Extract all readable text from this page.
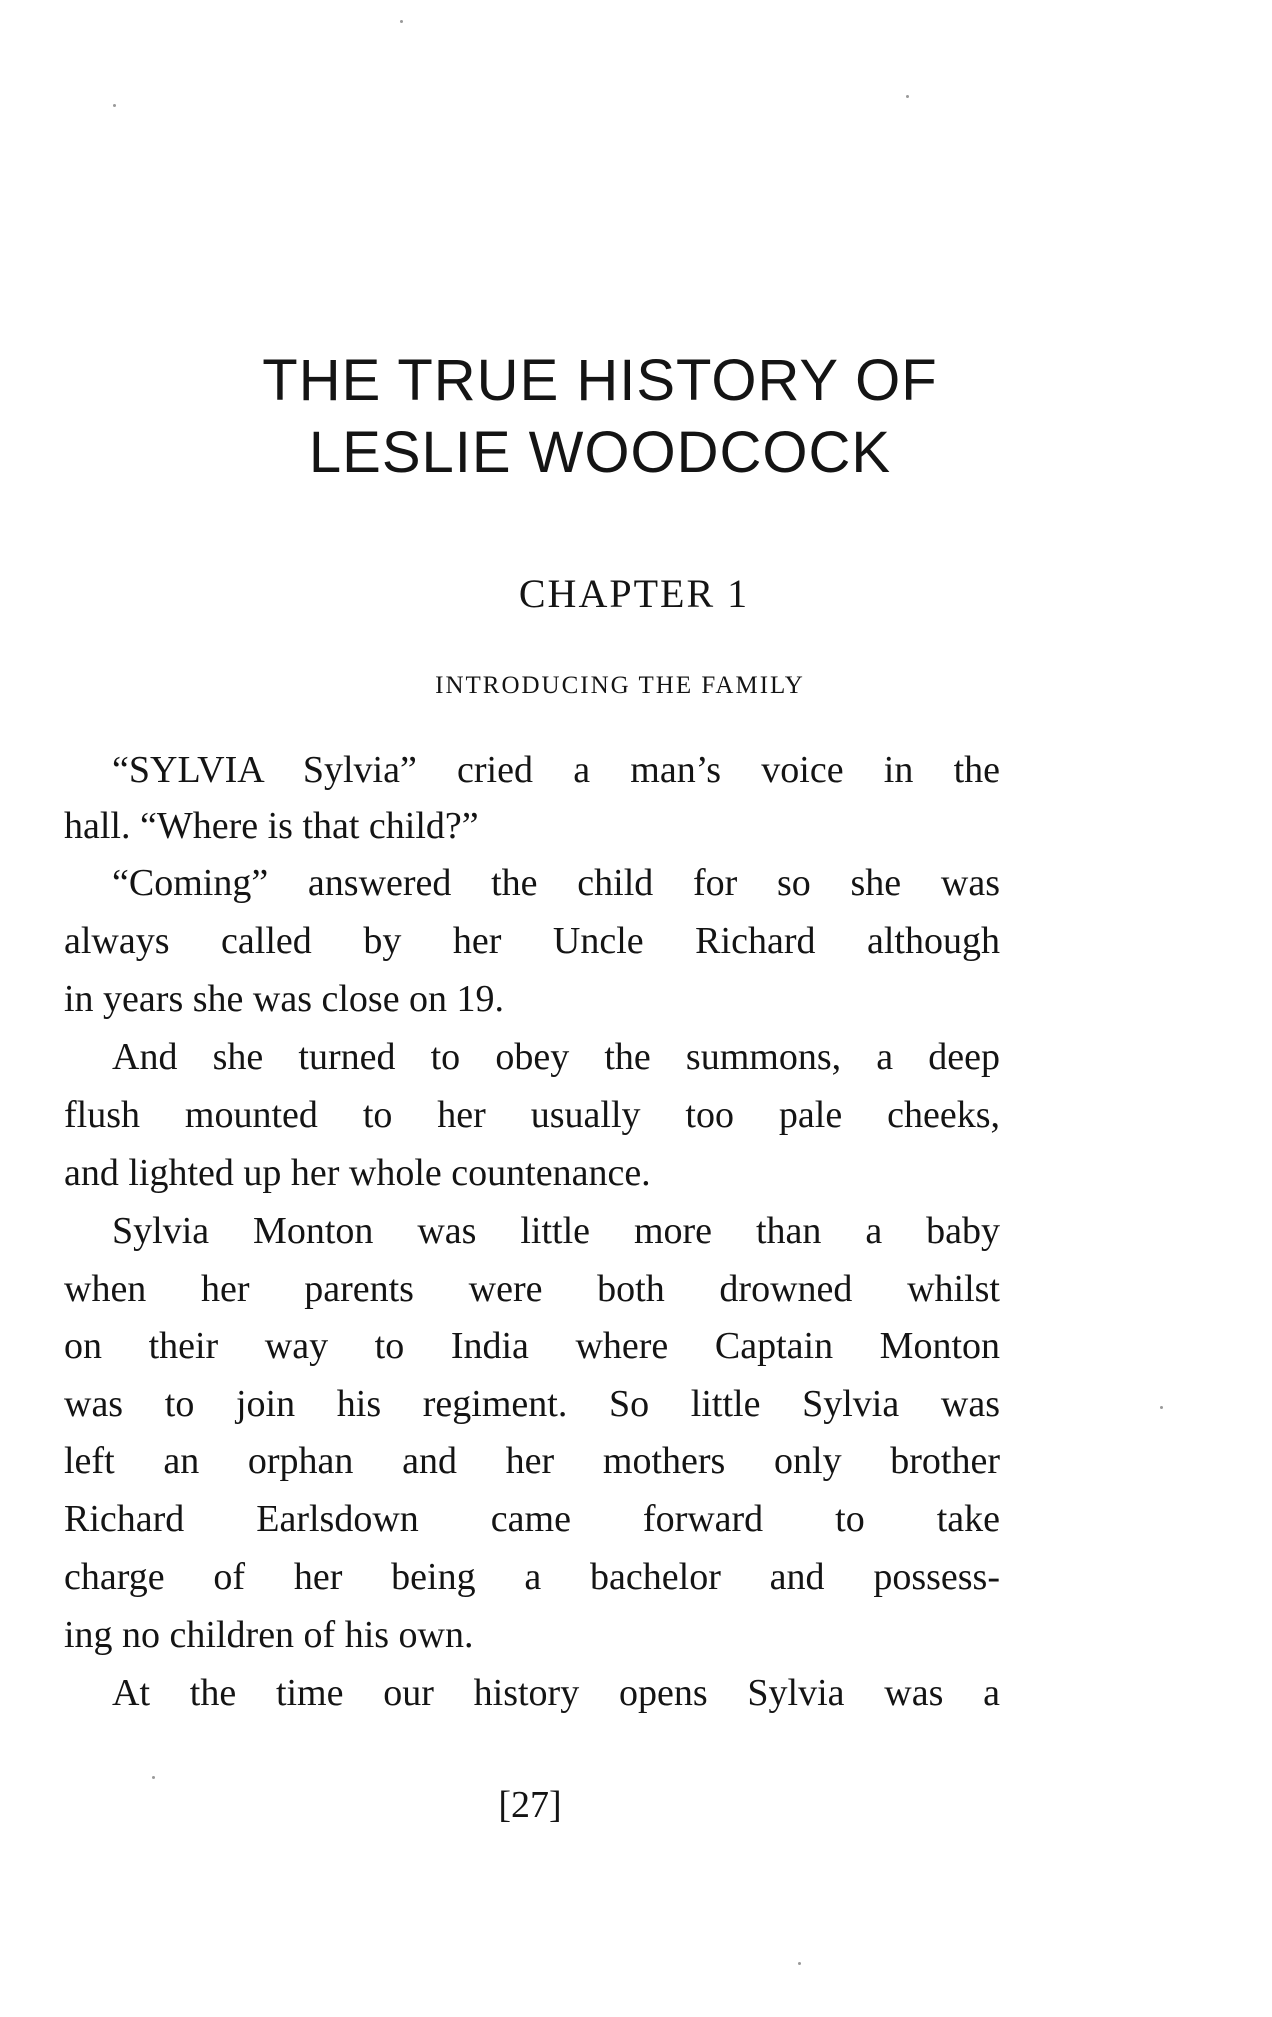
THE TRUE HISTORY OF
LESLIE WOODCOCK
CHAPTER 1
INTRODUCING THE FAMILY

“SYLVIA Sylvia” cried a man’s voice in the

hall. “Where is that child?”

“Coming” answered the child for so she was

always called by her Uncle Richard although

in years she was close on 19.

And she turned to obey the summons, a deep

flush mounted to her usually too pale cheeks,

and lighted up her whole countenance.

Sylvia Monton was little more than a baby

when her parents were both drowned whilst

on their way to India where Captain Monton

was to join his regiment. So little Sylvia was

left an orphan and her mothers only brother

Richard Earlsdown came forward to take

charge of her being a bachelor and possess-

ing no children of his own.

At the time our history opens Sylvia was a

[27]
